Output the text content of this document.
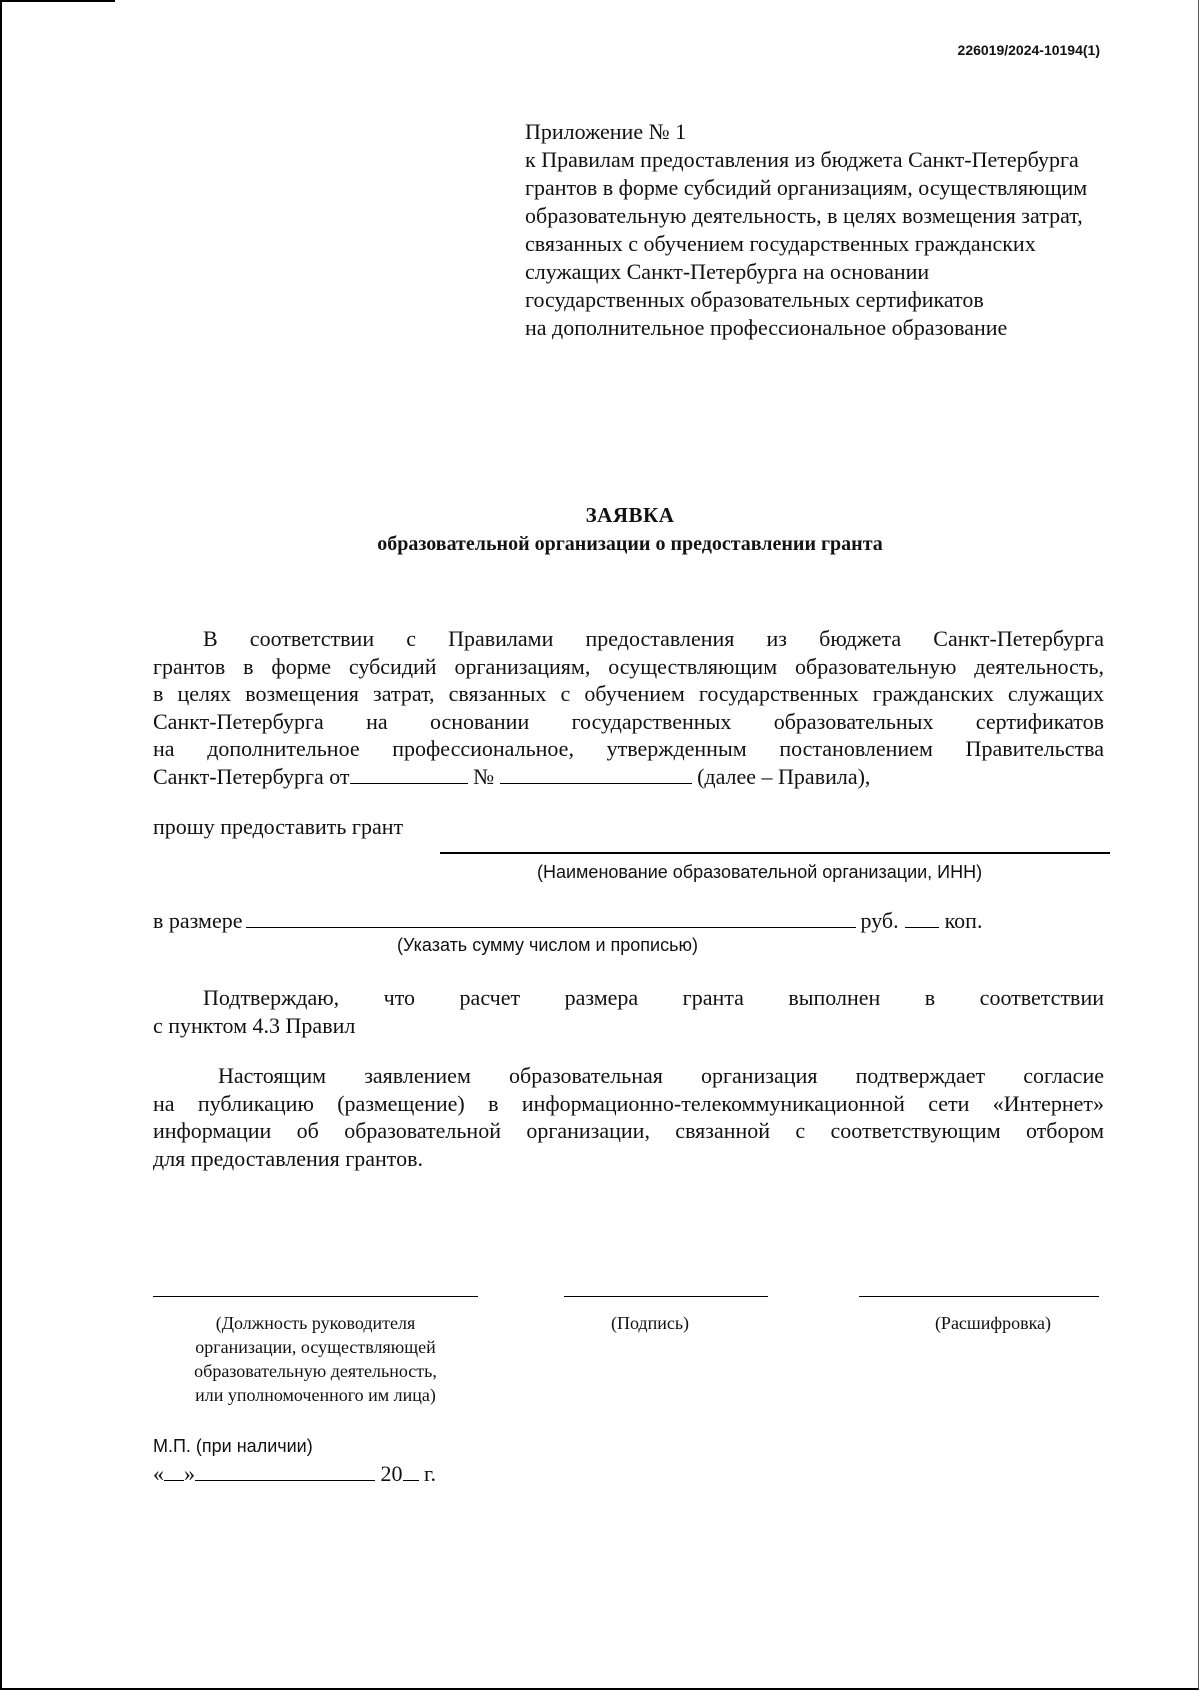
226019/2024-10194(1)
Приложение № 1
к Правилам предоставления из бюджета Санкт-Петербурга
грантов в форме субсидий организациям, осуществляющим
образовательную деятельность, в целях возмещения затрат,
связанных с обучением государственных гражданских
служащих Санкт-Петербурга на основании
государственных образовательных сертификатов
на дополнительное профессиональное образование
ЗАЯВКА
образовательной организации о предоставлении гранта
В соответствии с Правилами предоставления из бюджета Санкт-Петербурга
грантов в форме субсидий организациям, осуществляющим образовательную деятельность,
в целях возмещения затрат, связанных с обучением государственных гражданских служащих
Санкт-Петербурга на основании государственных образовательных сертификатов
на дополнительное профессиональное, утвержденным постановлением Правительства
Санкт-Петербурга от	№	(далее – Правила),
прошу предоставить грант
(Наименование образовательной организации, ИНН)
в размере	руб. коп.
(Указать сумму числом и прописью)
Подтверждаю, что расчет размера гранта выполнен в соответствии
с пунктом 4.3 Правил
Настоящим заявлением образовательная организация подтверждает согласие
на публикацию (размещение) в информационно-телекоммуникационной сети «Интернет»
информации об образовательной организации, связанной с соответствующим отбором
для предоставления грантов.
(Должность руководителя
организации, осуществляющей
образовательную деятельность,
или уполномоченного им лица)
(Подпись)	(Расшифровка)
М.П. (при наличии)
« »	20 г.
